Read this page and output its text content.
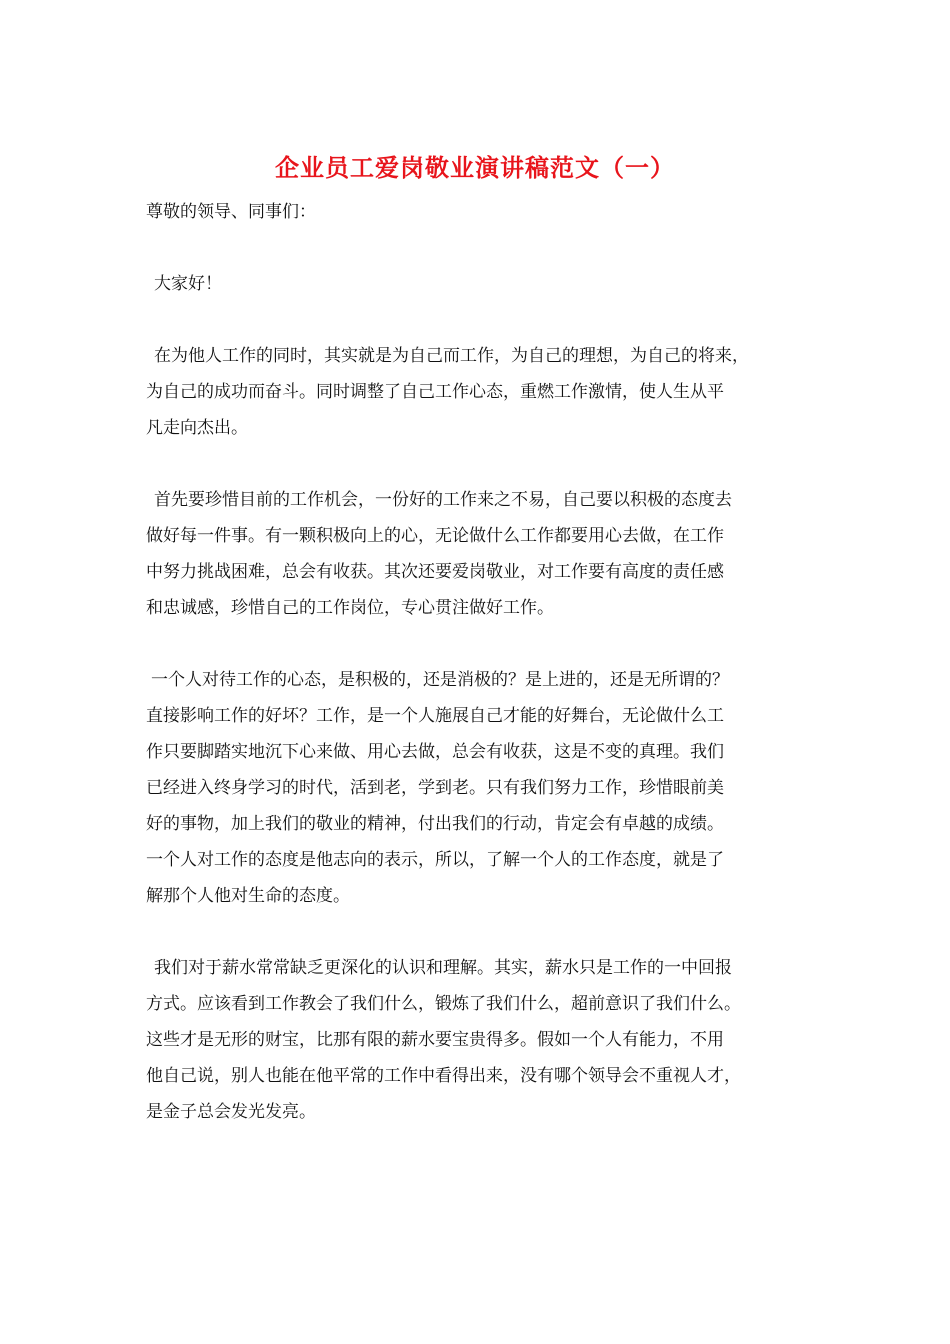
企业员工爱岗敬业演讲稿范文（一）
尊敬的领导、同事们：
大家好！
在为他人工作的同时，其实就是为自己而工作，为自己的理想，为自己的将来，
为自己的成功而奋斗。同时调整了自己工作心态，重燃工作激情，使人生从平
凡走向杰出。
首先要珍惜目前的工作机会，一份好的工作来之不易，自己要以积极的态度去
做好每一件事。有一颗积极向上的心，无论做什么工作都要用心去做，在工作
中努力挑战困难，总会有收获。其次还要爱岗敬业，对工作要有高度的责任感
和忠诚感，珍惜自己的工作岗位，专心贯注做好工作。
一个人对待工作的心态，是积极的，还是消极的？是上进的，还是无所谓的？
直接影响工作的好坏？工作，是一个人施展自己才能的好舞台，无论做什么工
作只要脚踏实地沉下心来做、用心去做，总会有收获，这是不变的真理。我们
已经进入终身学习的时代，活到老，学到老。只有我们努力工作，珍惜眼前美
好的事物，加上我们的敬业的精神，付出我们的行动，肯定会有卓越的成绩。
一个人对工作的态度是他志向的表示，所以，了解一个人的工作态度，就是了
解那个人他对生命的态度。
我们对于薪水常常缺乏更深化的认识和理解。其实，薪水只是工作的一中回报
方式。应该看到工作教会了我们什么，锻炼了我们什么，超前意识了我们什么。
这些才是无形的财宝，比那有限的薪水要宝贵得多。假如一个人有能力，不用
他自己说，别人也能在他平常的工作中看得出来，没有哪个领导会不重视人才，
是金子总会发光发亮。
